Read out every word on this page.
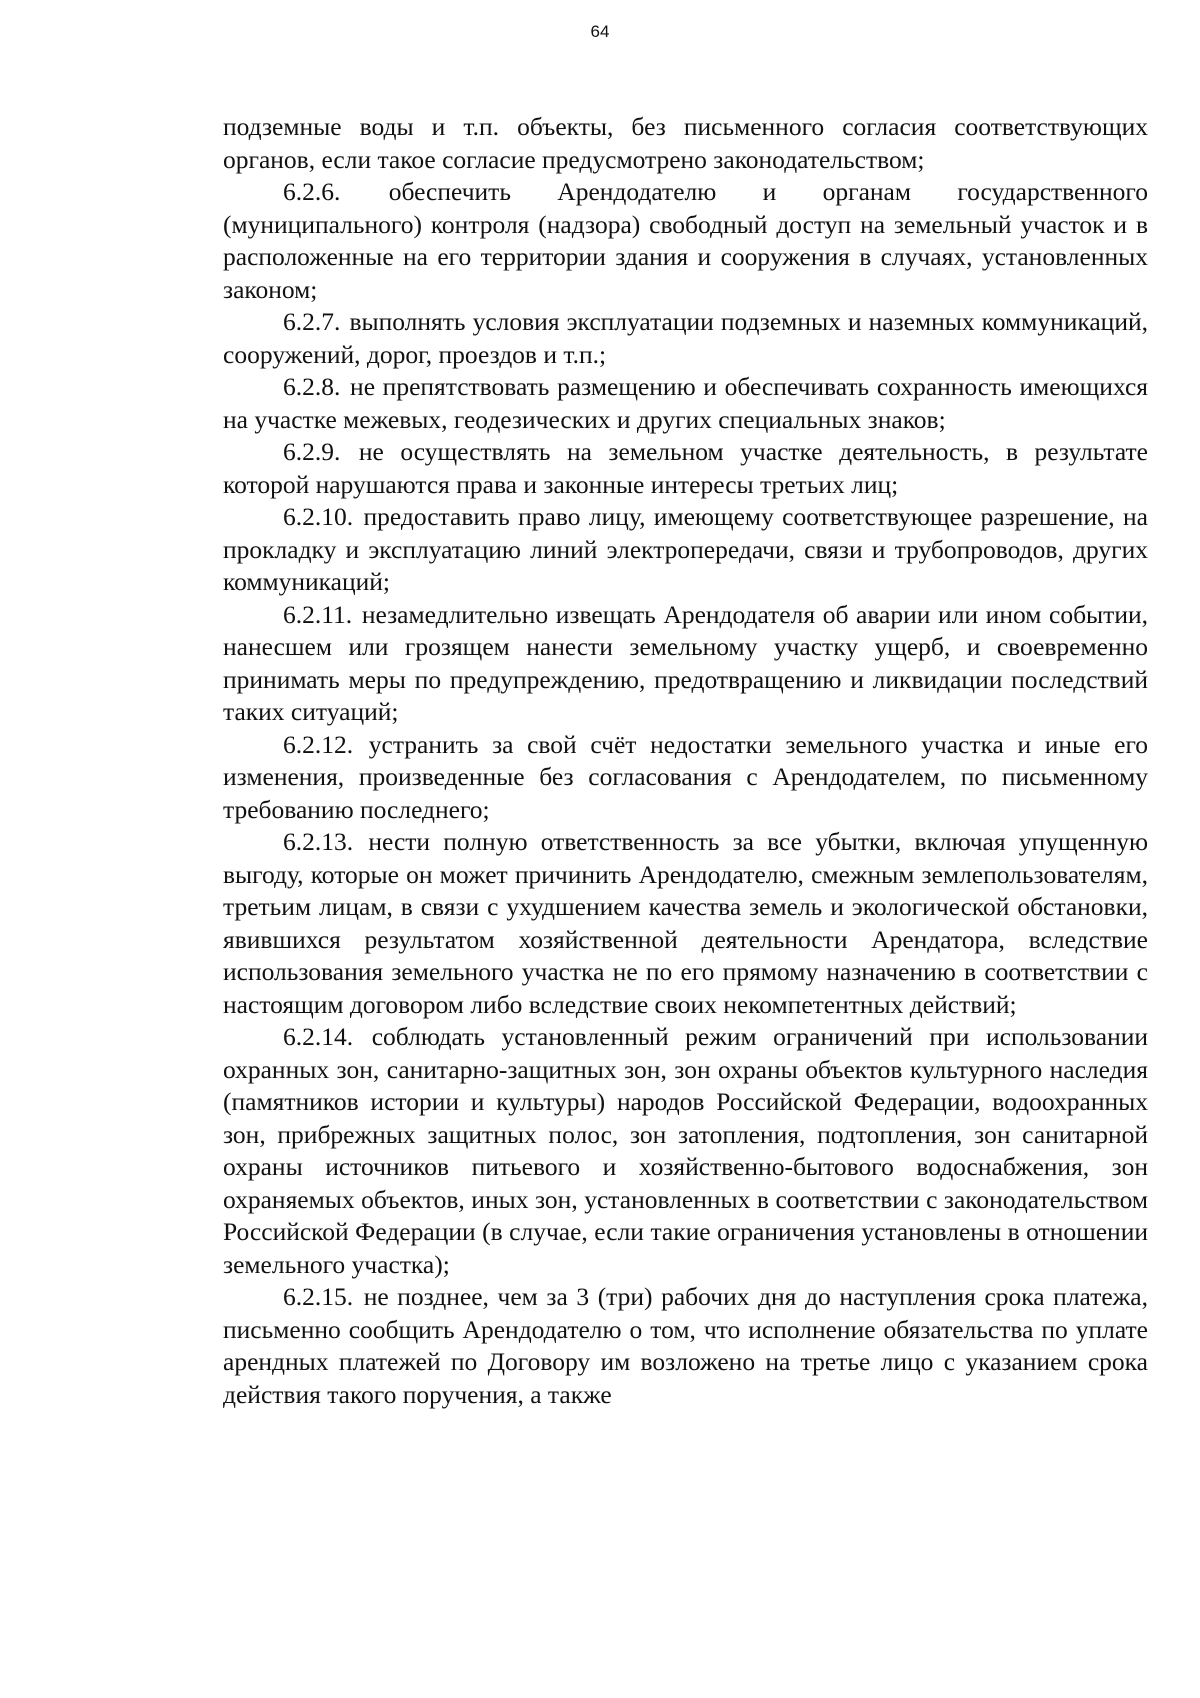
64

подземные воды и т.п. объекты, без письменного согласия соответствующих органов, если такое согласие предусмотрено законодательством;

6.2.6. обеспечить Арендодателю и органам государственного (муниципального) контроля (надзора) свободный доступ на земельный участок и в расположенные на его территории здания и сооружения в случаях, установленных законом;

6.2.7. выполнять условия эксплуатации подземных и наземных коммуникаций, сооружений, дорог, проездов и т.п.;

6.2.8. не препятствовать размещению и обеспечивать сохранность имеющихся на участке межевых, геодезических и других специальных знаков;

6.2.9. не осуществлять на земельном участке деятельность, в результате которой нарушаются права и законные интересы третьих лиц;

6.2.10. предоставить право лицу, имеющему соответствующее разрешение, на прокладку и эксплуатацию линий электропередачи, связи и трубопроводов, других коммуникаций;

6.2.11. незамедлительно извещать Арендодателя об аварии или ином событии, нанесшем или грозящем нанести земельному участку ущерб, и своевременно принимать меры по предупреждению, предотвращению и ликвидации последствий таких ситуаций;

6.2.12. устранить за свой счёт недостатки земельного участка и иные его изменения, произведенные без согласования с Арендодателем, по письменному требованию последнего;

6.2.13. нести полную ответственность за все убытки, включая упущенную выгоду, которые он может причинить Арендодателю, смежным землепользователям, третьим лицам, в связи с ухудшением качества земель и экологической обстановки, явившихся результатом хозяйственной деятельности Арендатора, вследствие использования земельного участка не по его прямому назначению в соответствии с настоящим договором либо вследствие своих некомпетентных действий;

6.2.14. соблюдать установленный режим ограничений при использовании охранных зон, санитарно-защитных зон, зон охраны объектов культурного наследия (памятников истории и культуры) народов Российской Федерации, водоохранных зон, прибрежных защитных полос, зон затопления, подтопления, зон санитарной охраны источников питьевого и хозяйственно-бытового водоснабжения, зон охраняемых объектов, иных зон, установленных в соответствии с законодательством Российской Федерации (в случае, если такие ограничения установлены в отношении земельного участка);

6.2.15. не позднее, чем за 3 (три) рабочих дня до наступления срока платежа, письменно сообщить Арендодателю о том, что исполнение обязательства по уплате арендных платежей по Договору им возложено на третье лицо с указанием срока действия такого поручения, а также
